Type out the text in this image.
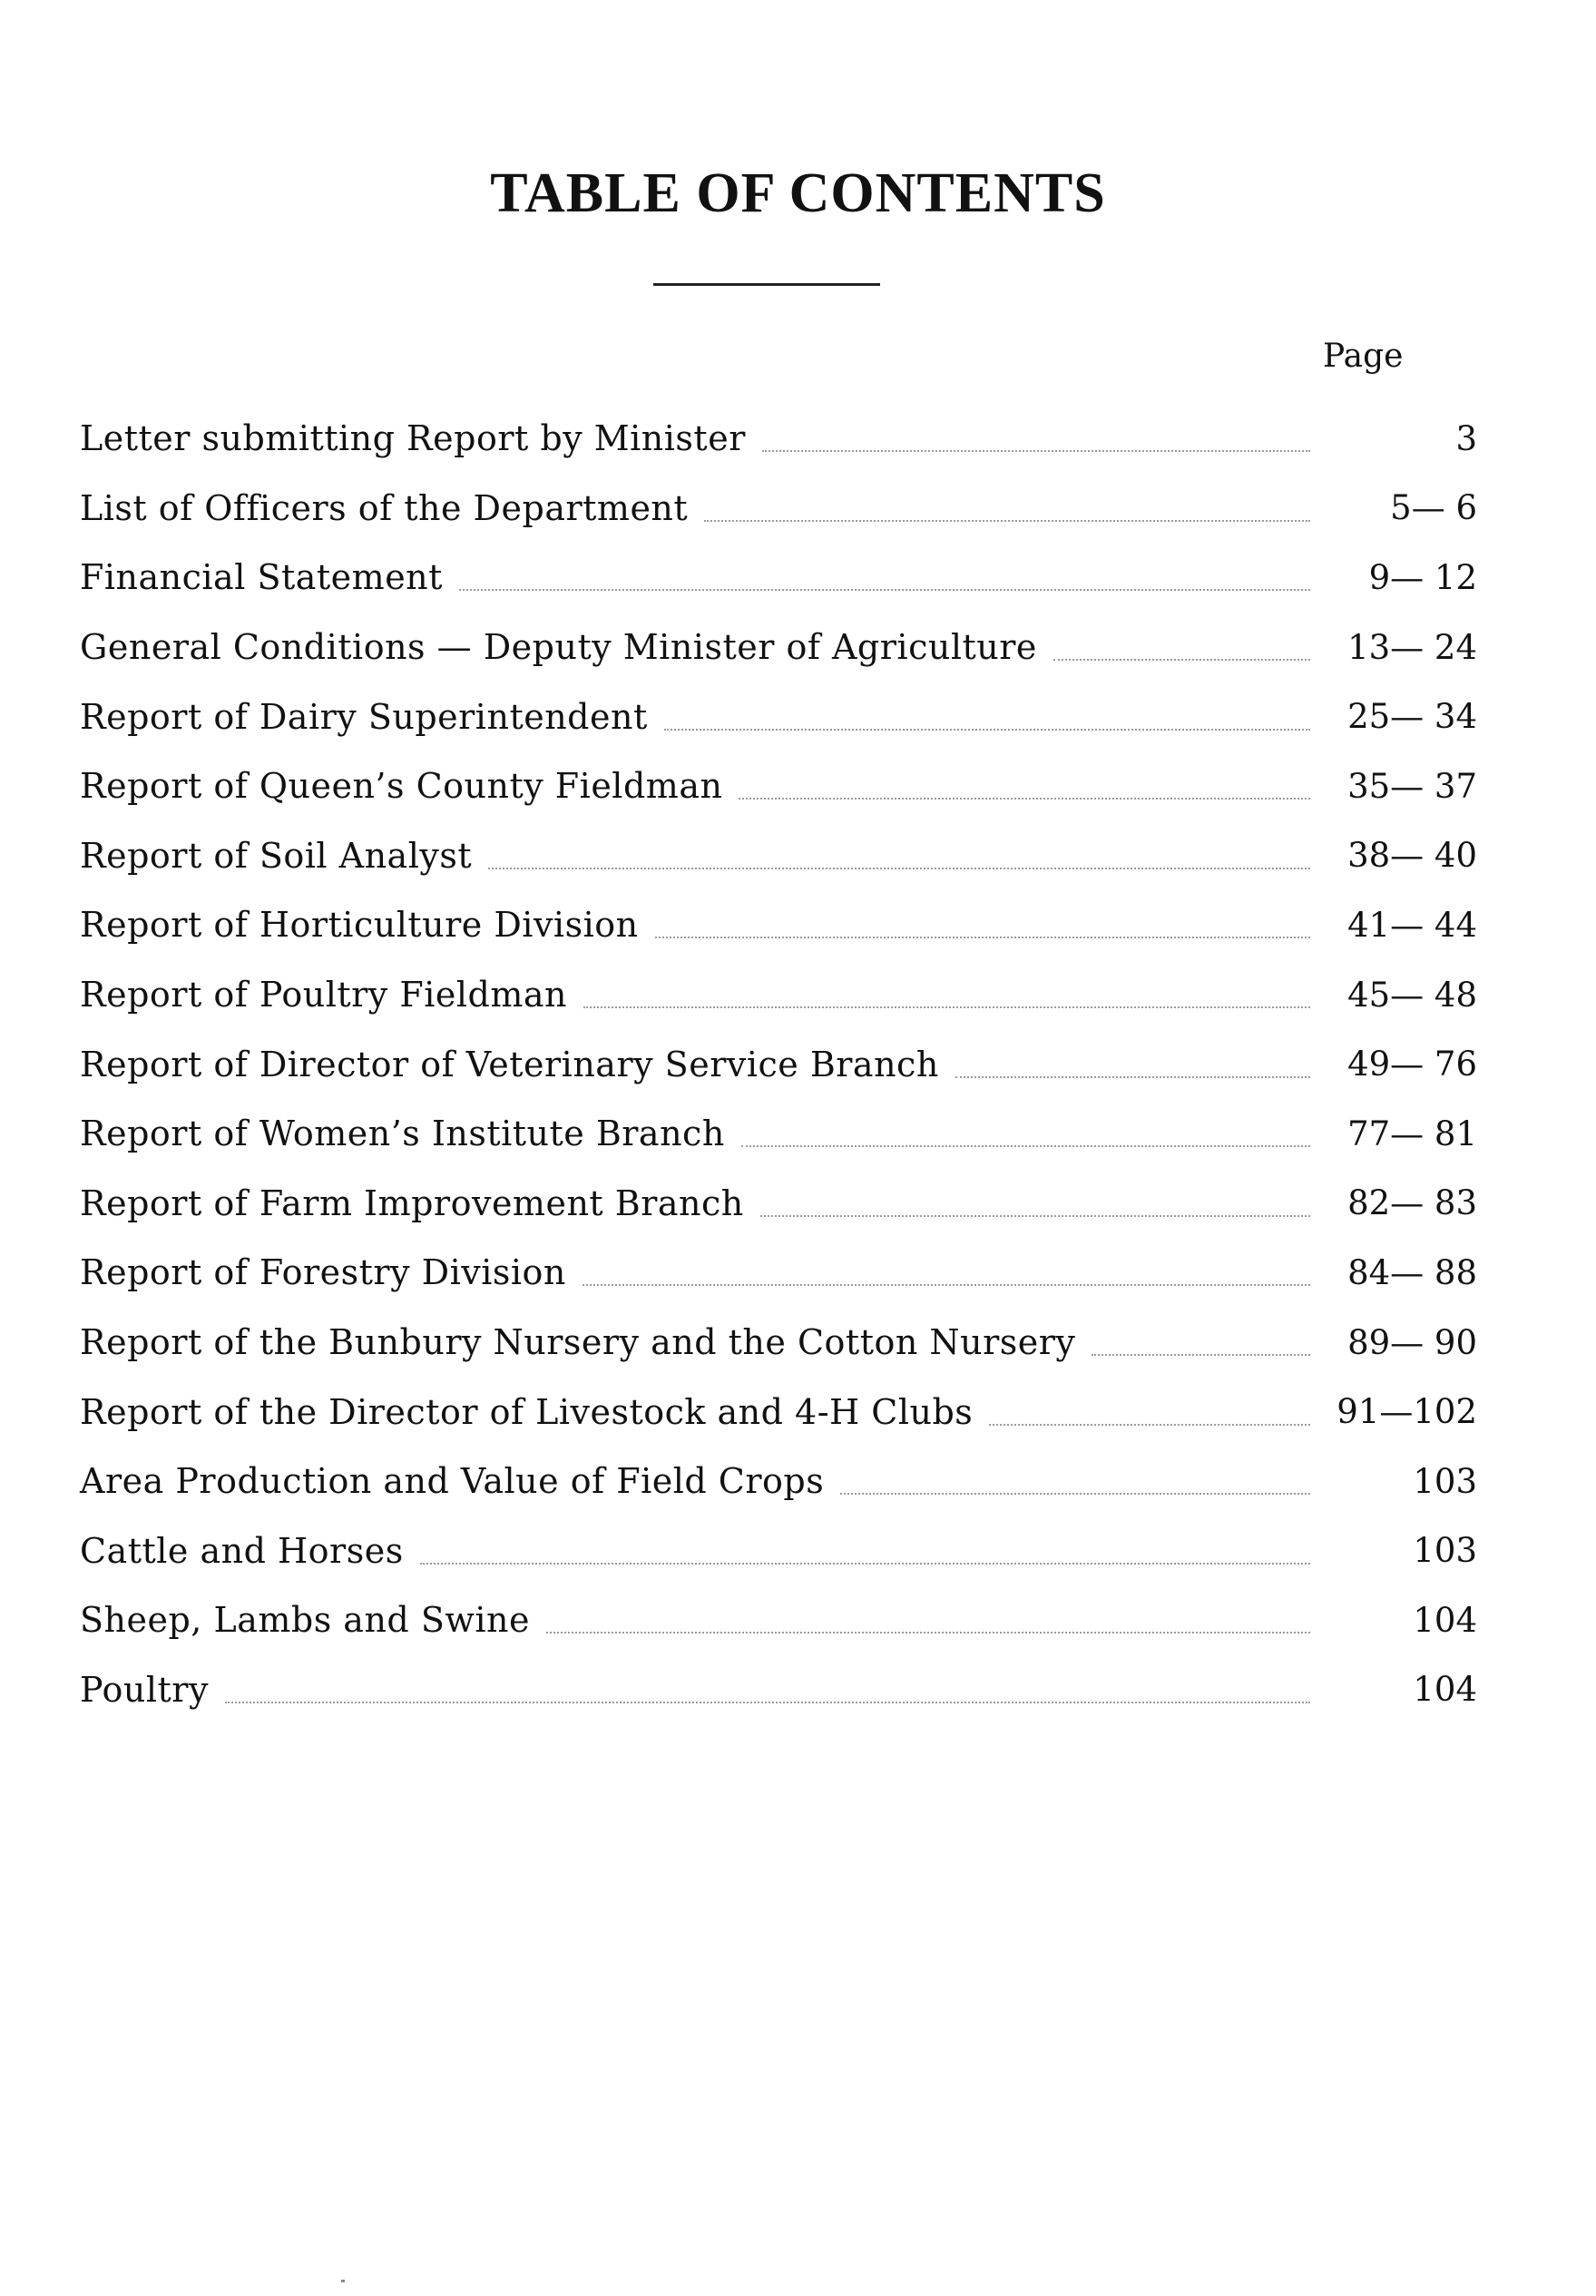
TABLE OF CONTENTS
Page
Letter submitting Report by Minister	3
List of Officers of the Department	5— 6
Financial Statement	9— 12
General Conditions — Deputy Minister of Agriculture	13— 24
Report of Dairy Superintendent	25— 34
Report of Queen’s County Fieldman	35— 37
Report of Soil Analyst	38— 40
Report of Horticulture Division	41— 44
Report of Poultry Fieldman	45— 48
Report of Director of Veterinary Service Branch	49— 76
Report of Women’s Institute Branch	77— 81
Report of Farm Improvement Branch	82— 83
Report of Forestry Division	84— 88
Report of the Bunbury Nursery and the Cotton Nursery	89— 90
Report of the Director of Livestock and 4-H Clubs	91—102
Area Production and Value of Field Crops	103
Cattle and Horses	103
Sheep, Lambs and Swine	104
Poultry	104
